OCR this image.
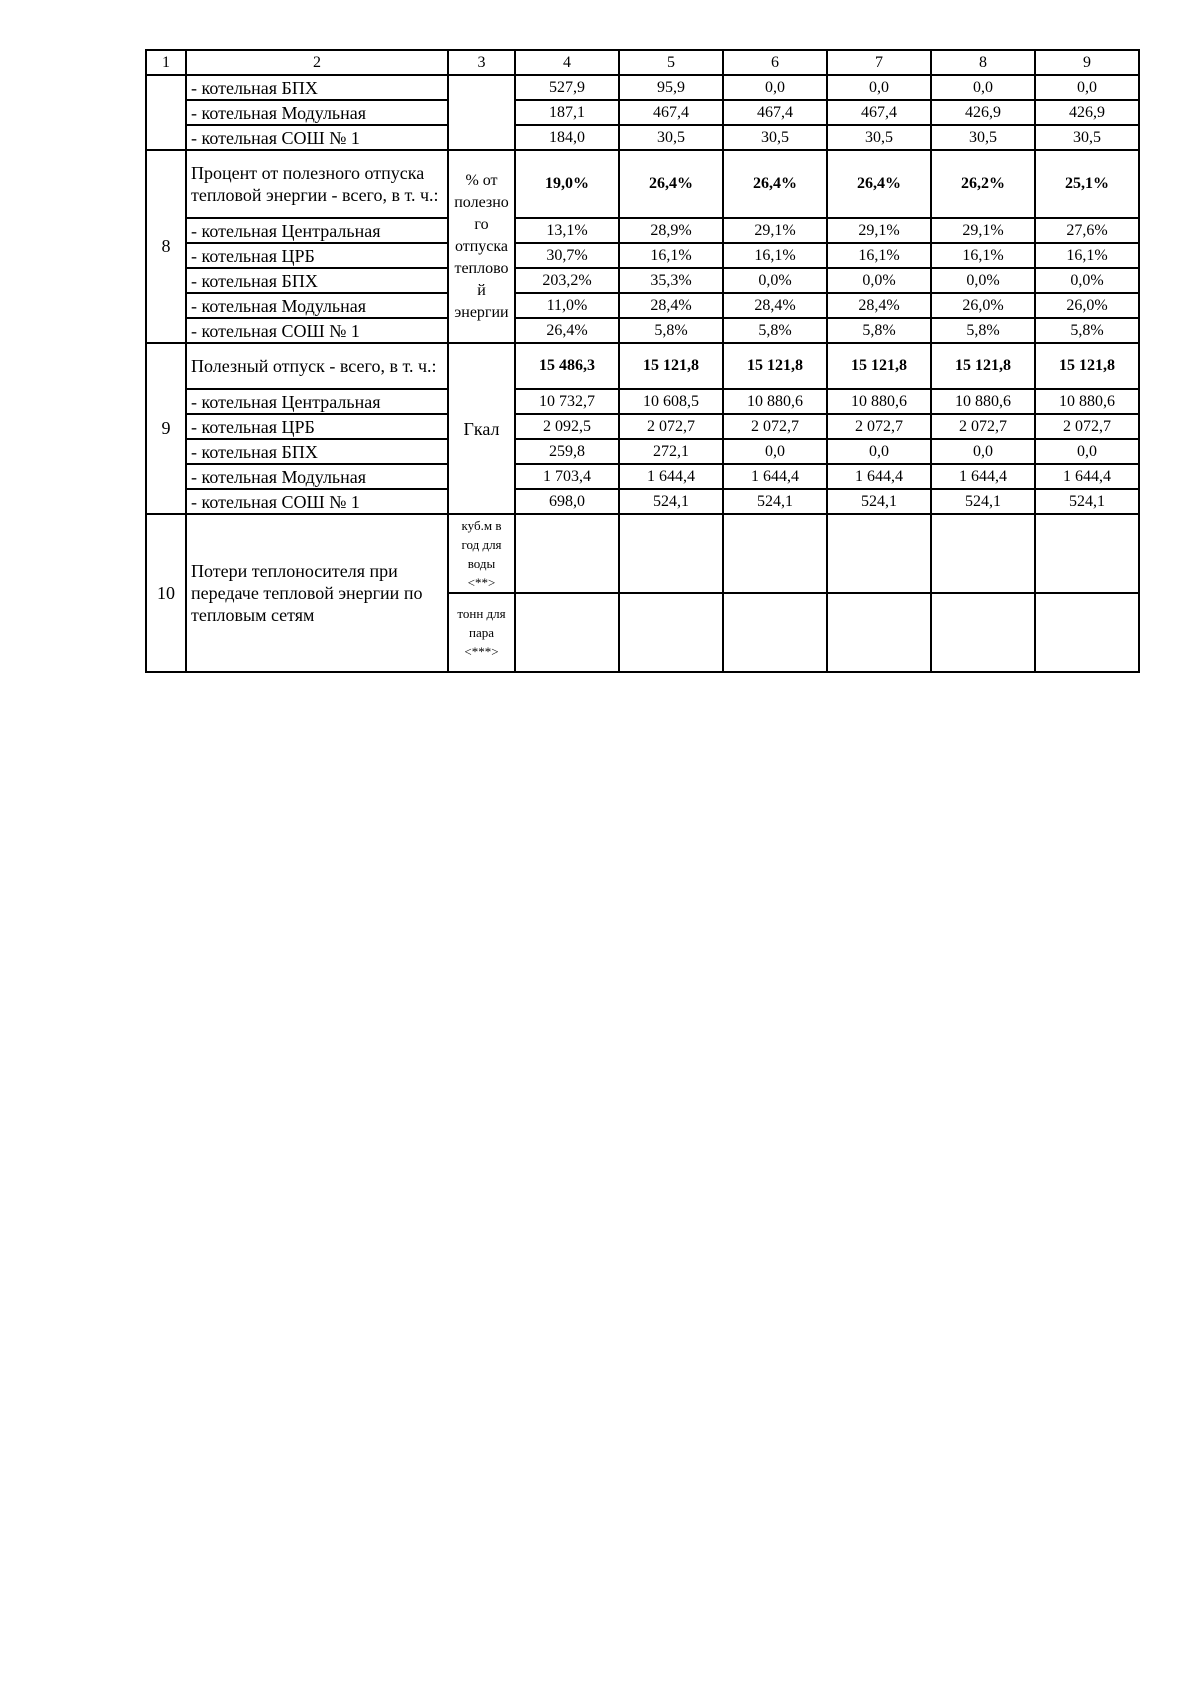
1	2	3	4	5	6	7	8	9
	- котельная БПХ		527,9	95,9	0,0	0,0	0,0	0,0
	- котельная Модульная		187,1	467,4	467,4	467,4	426,9	426,9
	- котельная СОШ № 1		184,0	30,5	30,5	30,5	30,5	30,5
8	Процент от полезного отпуска тепловой энергии - всего, в т. ч.:	% от полезно го отпуска теплово й энергии	19,0%	26,4%	26,4%	26,4%	26,2%	25,1%
	- котельная Центральная		13,1%	28,9%	29,1%	29,1%	29,1%	27,6%
	- котельная ЦРБ		30,7%	16,1%	16,1%	16,1%	16,1%	16,1%
	- котельная БПХ		203,2%	35,3%	0,0%	0,0%	0,0%	0,0%
	- котельная Модульная		11,0%	28,4%	28,4%	28,4%	26,0%	26,0%
	- котельная СОШ № 1		26,4%	5,8%	5,8%	5,8%	5,8%	5,8%
9	Полезный отпуск - всего, в т. ч.:	Гкал	15 486,3	15 121,8	15 121,8	15 121,8	15 121,8	15 121,8
	- котельная Центральная		10 732,7	10 608,5	10 880,6	10 880,6	10 880,6	10 880,6
	- котельная ЦРБ		2 092,5	2 072,7	2 072,7	2 072,7	2 072,7	2 072,7
	- котельная БПХ		259,8	272,1	0,0	0,0	0,0	0,0
	- котельная Модульная		1 703,4	1 644,4	1 644,4	1 644,4	1 644,4	1 644,4
	- котельная СОШ № 1		698,0	524,1	524,1	524,1	524,1	524,1
10	Потери теплоносителя при передаче тепловой энергии по тепловым сетям	куб.м в год для воды <**>						
		тонн для пара <***>						
